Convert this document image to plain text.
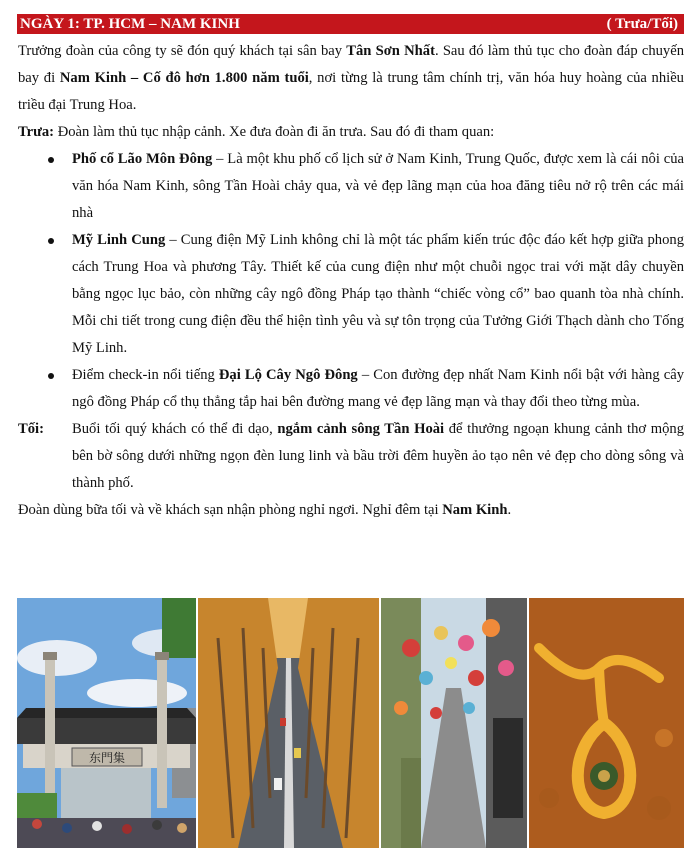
NGÀY 1: TP. HCM – NAM KINH	( Trưa/Tối)

Trưởng đoàn của công ty sẽ đón quý khách tại sân bay Tân Sơn Nhất. Sau đó làm thủ tục cho đoàn đáp chuyến bay đi Nam Kinh – Cố đô hơn 1.800 năm tuổi, nơi từng là trung tâm chính trị, văn hóa huy hoàng của nhiều triều đại Trung Hoa.

Trưa: Đoàn làm thủ tục nhập cảnh. Xe đưa đoàn đi ăn trưa. Sau đó đi tham quan:

Phố cổ Lão Môn Đông – Là một khu phố cổ lịch sử ở Nam Kinh, Trung Quốc, được xem là cái nôi của văn hóa Nam Kinh, sông Tần Hoài chảy qua, và vẻ đẹp lãng mạn của hoa đăng tiêu nở rộ trên các mái nhà
Mỹ Linh Cung – Cung điện Mỹ Linh không chỉ là một tác phẩm kiến trúc độc đáo kết hợp giữa phong cách Trung Hoa và phương Tây. Thiết kế của cung điện như một chuỗi ngọc trai với mặt dây chuyền bằng ngọc lục bảo, còn những cây ngô đồng Pháp tạo thành “chiếc vòng cổ” bao quanh tòa nhà chính. Mỗi chi tiết trong cung điện đều thể hiện tình yêu và sự tôn trọng của Tưởng Giới Thạch dành cho Tống Mỹ Linh.
Điểm check-in nổi tiếng Đại Lộ Cây Ngô Đông – Con đường đẹp nhất Nam Kinh nổi bật với hàng cây ngô đồng Pháp cổ thụ thẳng tắp hai bên đường mang vẻ đẹp lãng mạn và thay đổi theo từng mùa.
Tối:	Buổi tối quý khách có thể đi dạo, ngắm cảnh sông Tần Hoài để thưởng ngoạn khung cảnh thơ mộng bên bờ sông dưới những ngọn đèn lung linh và bầu trời đêm huyền ảo tạo nên vẻ đẹp cho dòng sông và thành phố.

Đoàn dùng bữa tối và về khách sạn nhận phòng nghỉ ngơi. Nghỉ đêm tại Nam Kinh.

东門集
